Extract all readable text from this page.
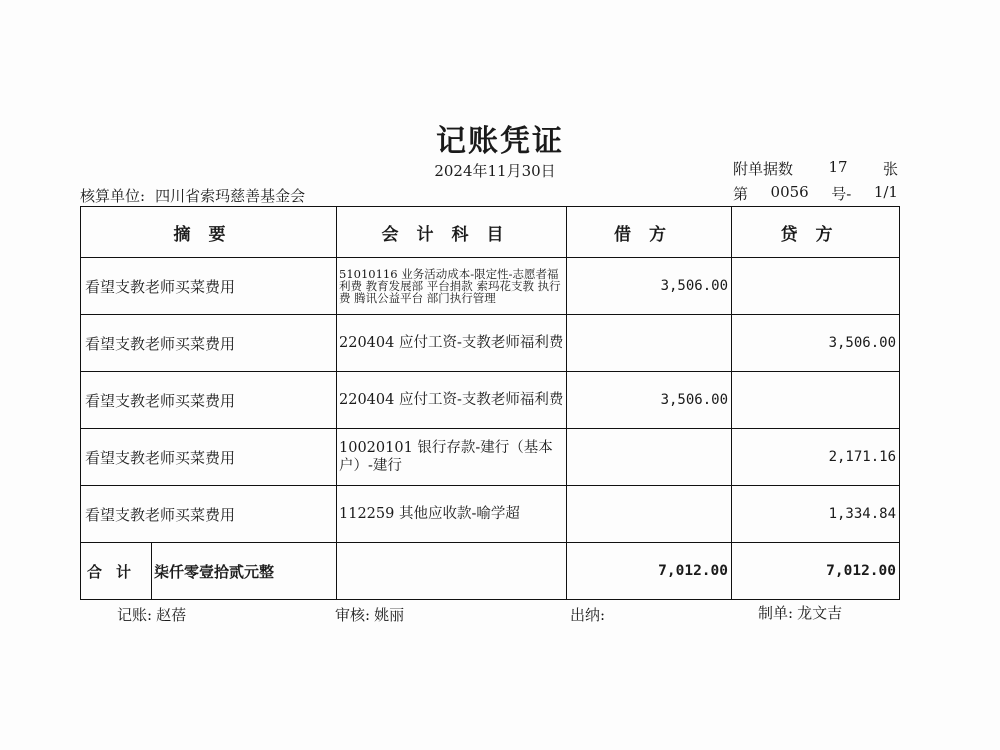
记账凭证
2024年11月30日	附单据数 17 张
核算单位: 四川省索玛慈善基金会	第 0056 号- 1/1
摘要	会计科目	借方	贷方
看望支教老师买菜费用	51010116 业务活动成本-限定性-志愿者福利费 教育发展部 平台捐款 索玛花支教 执行费 腾讯公益平台 部门执行管理	3,506.00	
看望支教老师买菜费用	220404 应付工资-支教老师福利费		3,506.00
看望支教老师买菜费用	220404 应付工资-支教老师福利费	3,506.00	
看望支教老师买菜费用	10020101 银行存款-建行（基本户）-建行		2,171.16
看望支教老师买菜费用	112259 其他应收款-喻学超		1,334.84

合计 柒仟零壹拾贰元整		7,012.00	7,012.00
记账: 赵蓓	审核: 姚丽	出纳:	制单: 龙文吉
